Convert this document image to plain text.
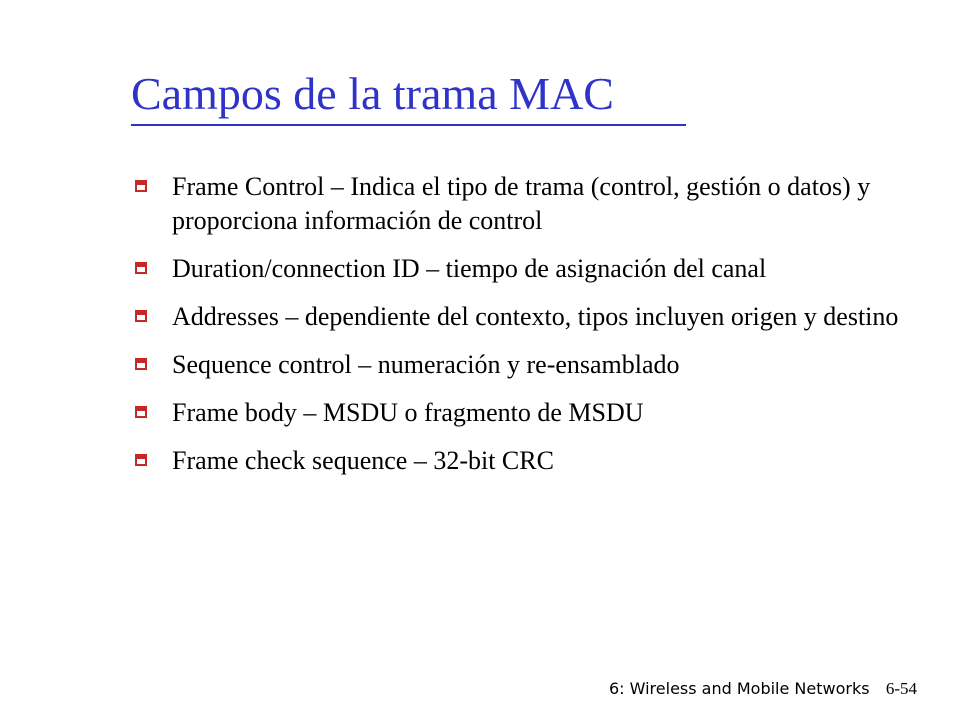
Campos de la trama MAC
Frame Control – Indica el tipo de trama (control, gestión o datos) y proporciona información de control
Duration/connection ID – tiempo de asignación del canal
Addresses – dependiente del contexto, tipos incluyen origen y destino
Sequence control – numeración y re-ensamblado
Frame body – MSDU o fragmento de MSDU
Frame check sequence – 32-bit CRC
6: Wireless and Mobile Networks 6-54
